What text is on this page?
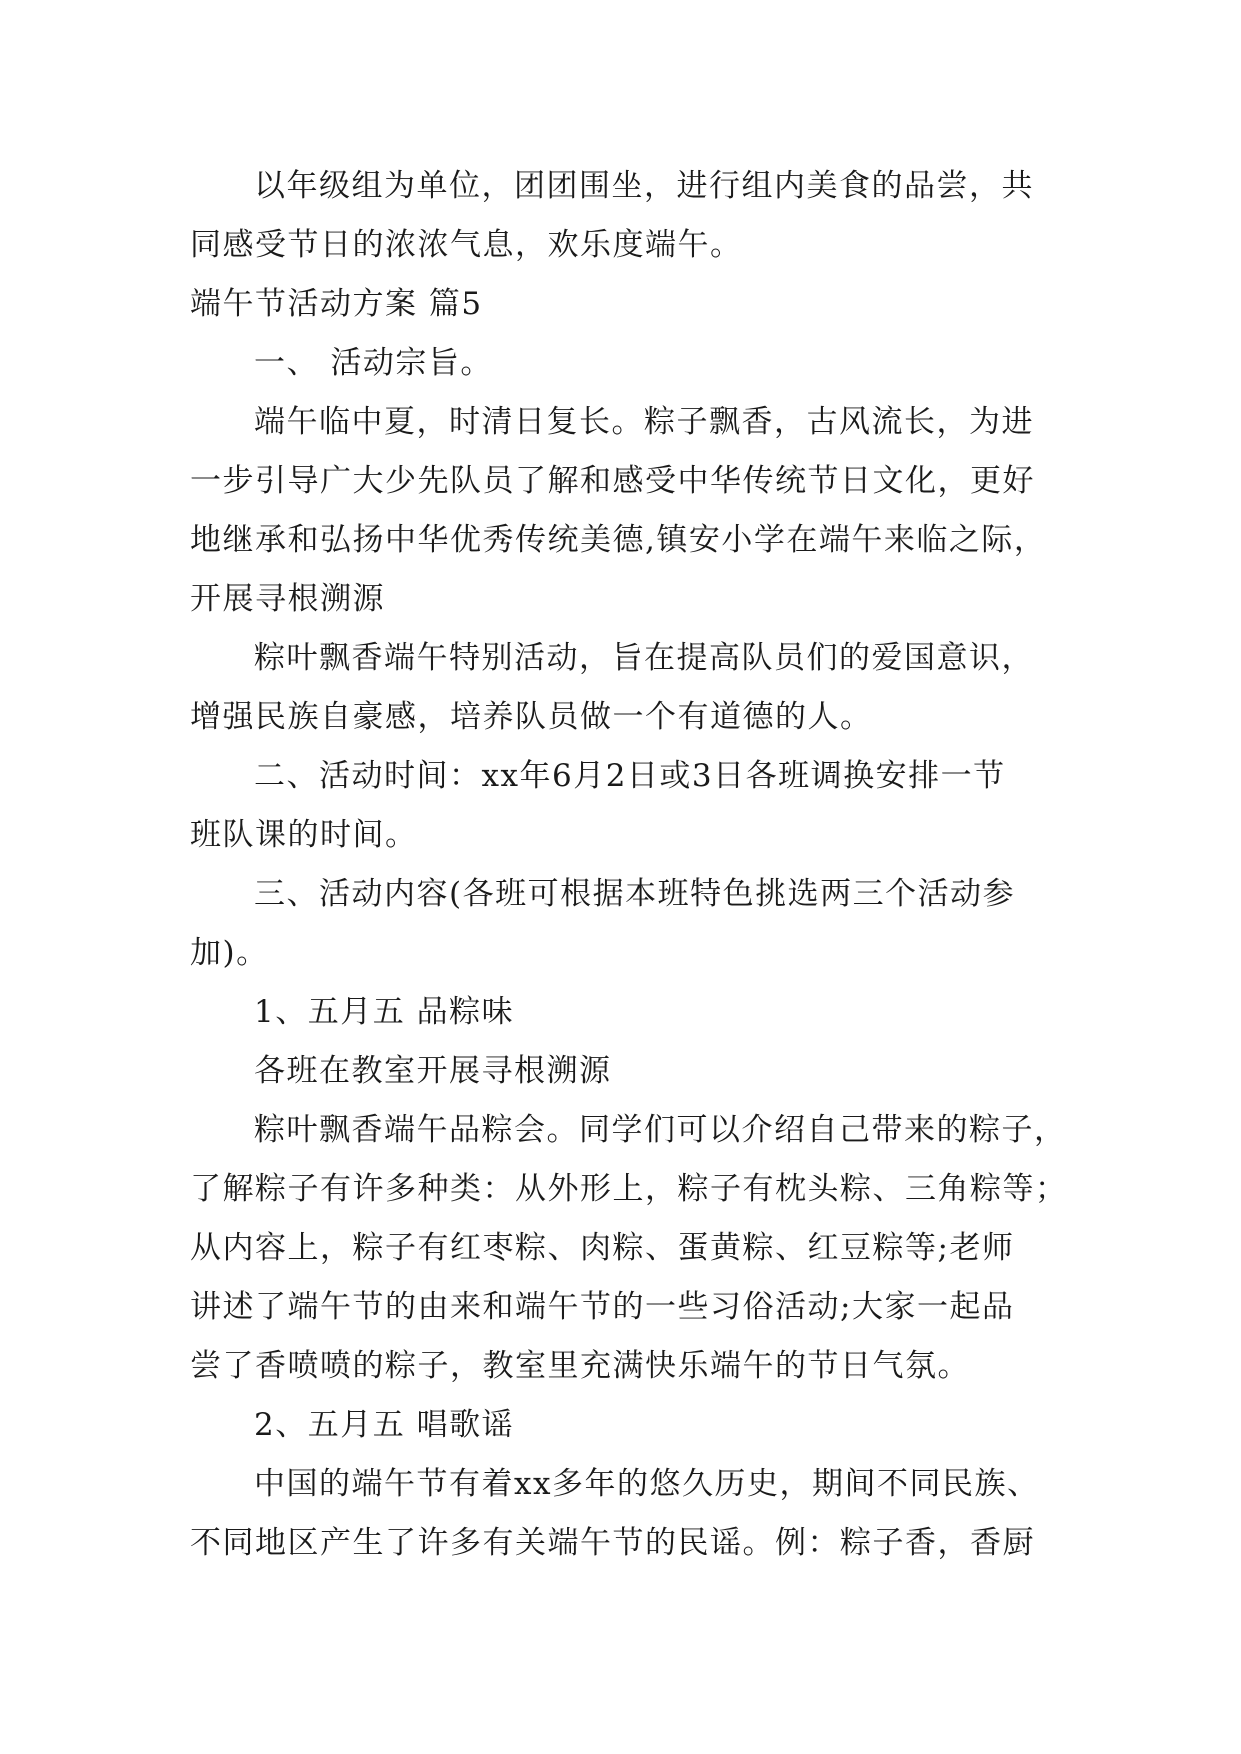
以年级组为单位，团团围坐，进行组内美食的品尝，共
同感受节日的浓浓气息，欢乐度端午。
端午节活动方案 篇5
一、 活动宗旨。
端午临中夏，时清日复长。粽子飘香，古风流长，为进
一步引导广大少先队员了解和感受中华传统节日文化，更好
地继承和弘扬中华优秀传统美德,镇安小学在端午来临之际，
开展寻根溯源
粽叶飘香端午特别活动，旨在提高队员们的爱国意识，
增强民族自豪感，培养队员做一个有道德的人。
二、活动时间：xx年6月2日或3日各班调换安排一节
班队课的时间。
三、活动内容(各班可根据本班特色挑选两三个活动参
加)。
1、五月五 品粽味
各班在教室开展寻根溯源
粽叶飘香端午品粽会。同学们可以介绍自己带来的粽子，
了解粽子有许多种类：从外形上，粽子有枕头粽、三角粽等；
从内容上，粽子有红枣粽、肉粽、蛋黄粽、红豆粽等;老师
讲述了端午节的由来和端午节的一些习俗活动;大家一起品
尝了香喷喷的粽子，教室里充满快乐端午的节日气氛。
2、五月五 唱歌谣
中国的端午节有着xx多年的悠久历史，期间不同民族、
不同地区产生了许多有关端午节的民谣。例：粽子香，香厨
